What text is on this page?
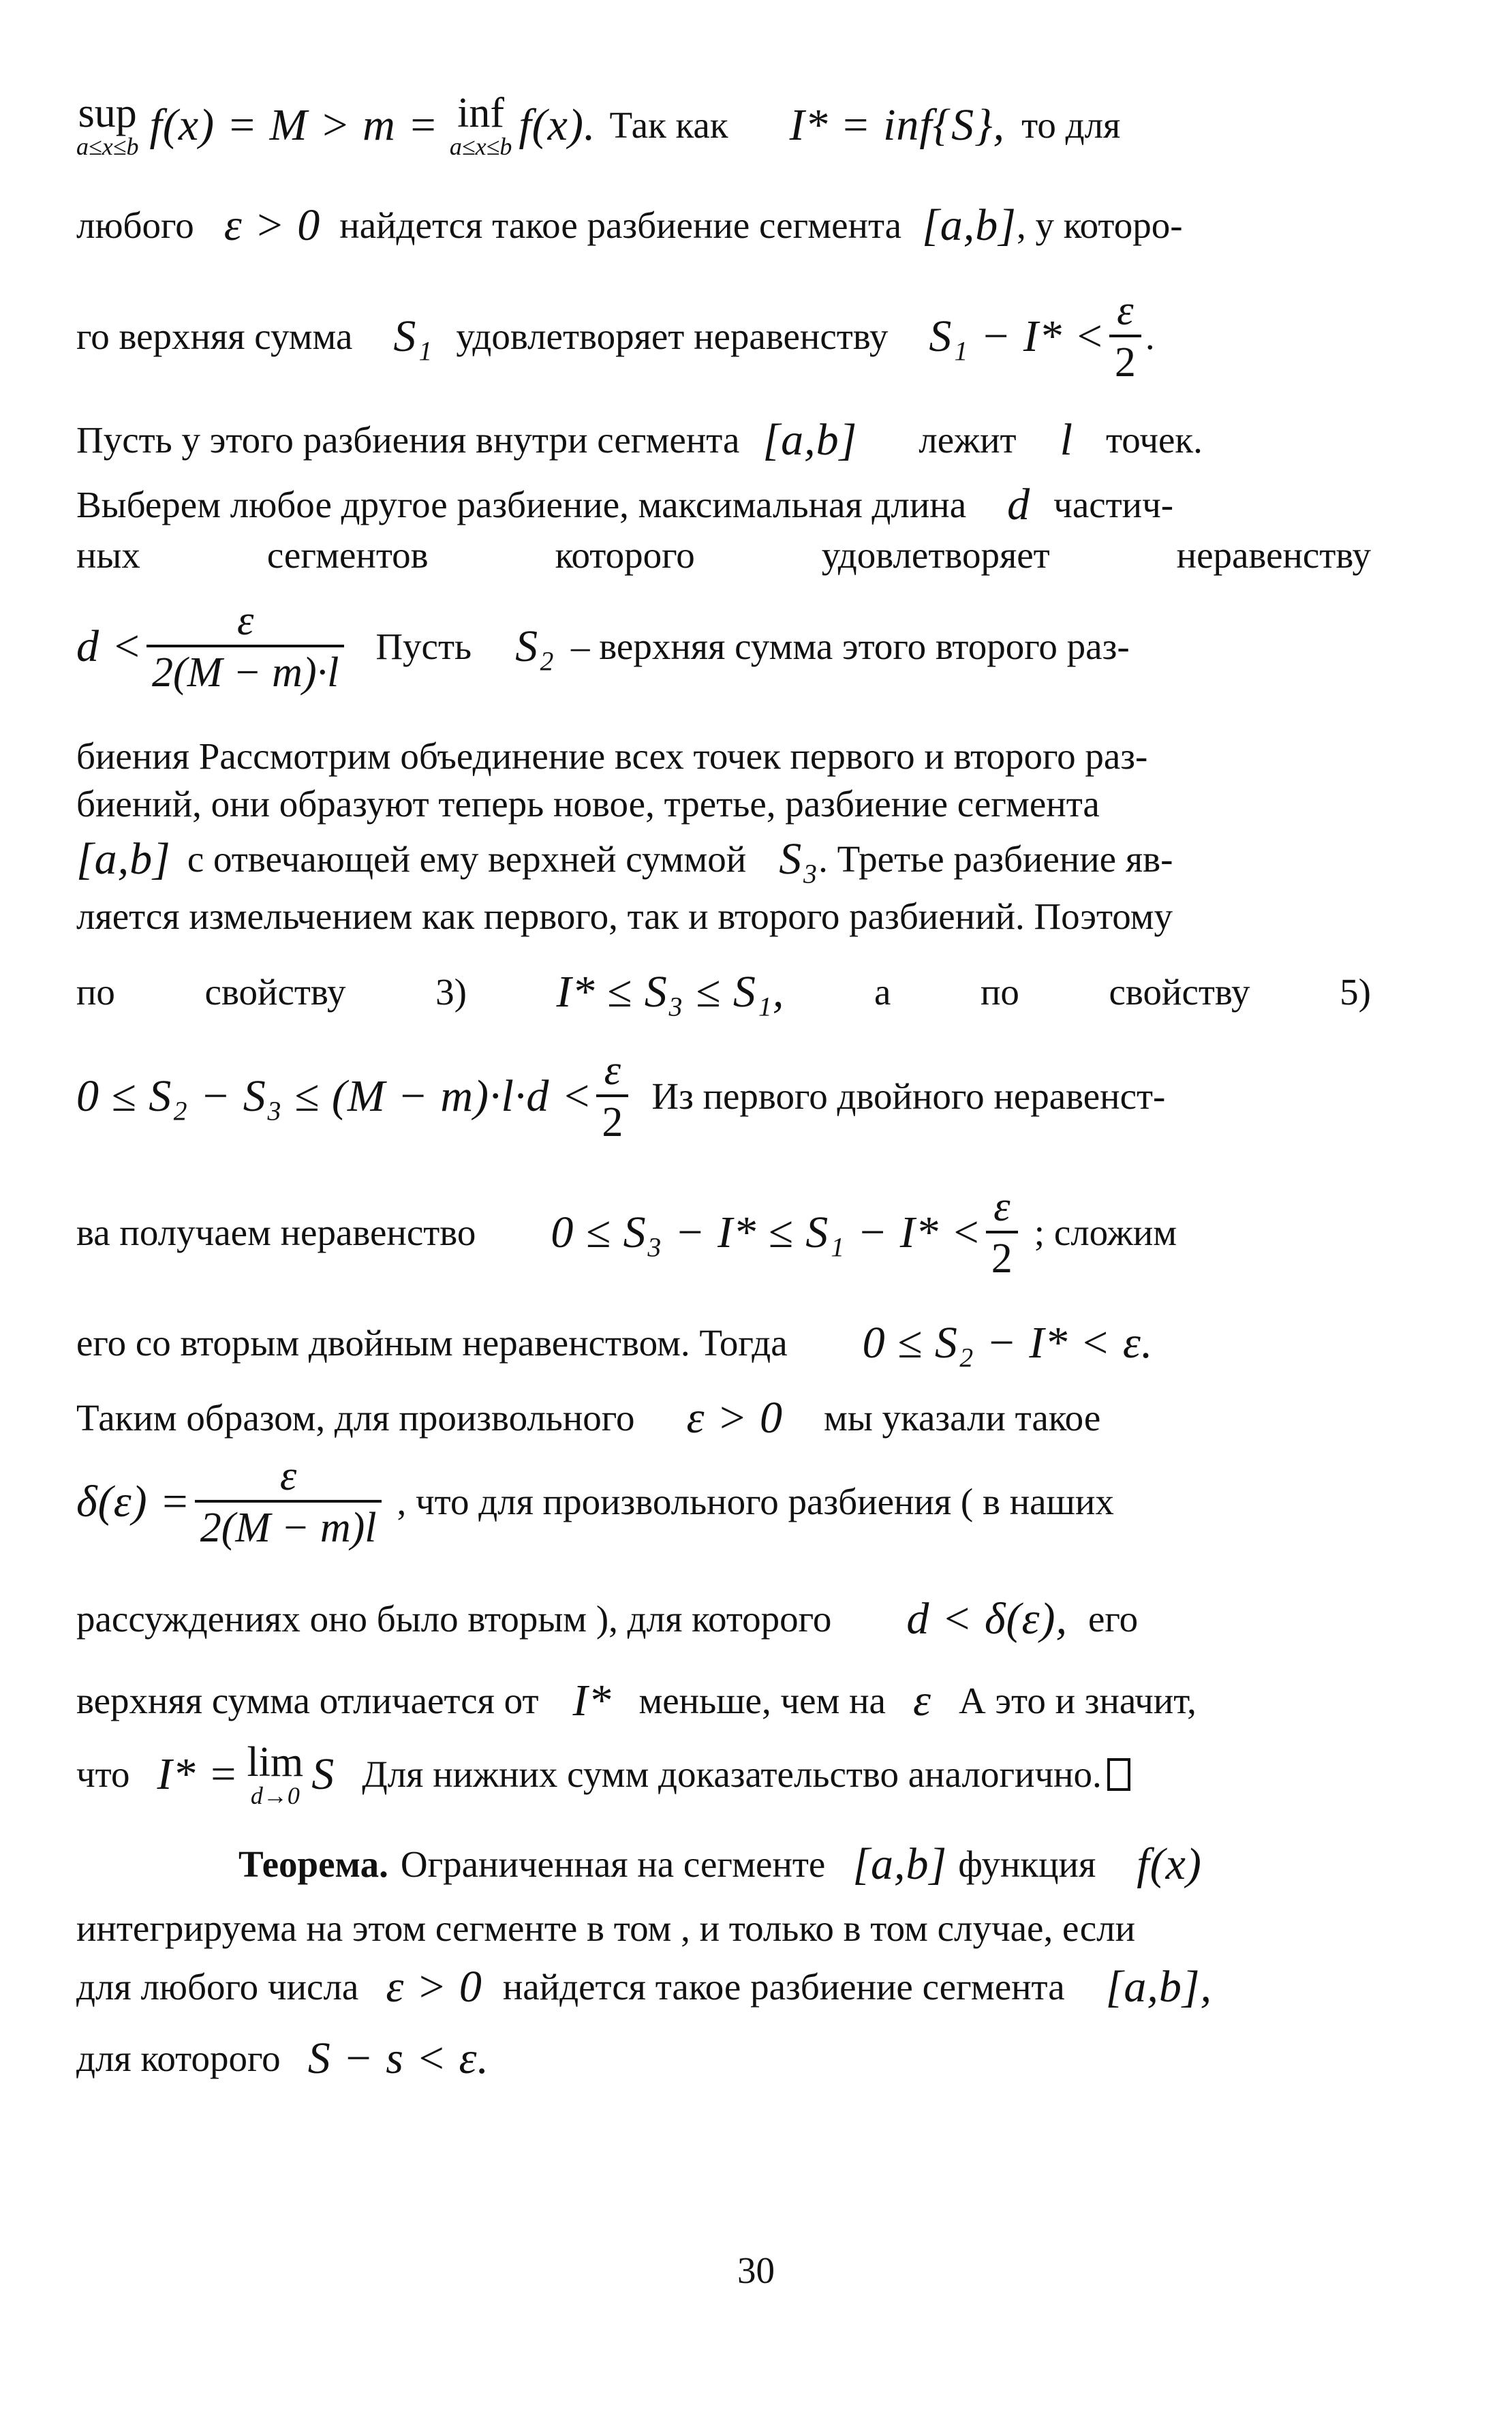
sup
a≤x≤b f(x) = M > m = inf
a≤x≤b f(x). Так как I* = inf{S}, то для
любого ε > 0 найдется такое разбиение сегмента [a,b] , у которо-
го верхняя сумма S₁ удовлетворяет неравенству $S_1 - I* < \frac{\varepsilon}{2}$ .
Пусть у этого разбиения внутри сегмента [a,b] лежит l точек.
Выберем любое другое разбиение, максимальная длина d частич-
ных	сегментов	которого	удовлетворяет	неравенству
$d < \frac{\varepsilon}{2(M - m)\cdot l}$ Пусть S₂ – верхняя сумма этого второго раз-
биения Рассмотрим объединение всех точек первого и второго раз-
биений, они образуют теперь новое, третье, разбиение сегмента
[a,b] с отвечающей ему верхней суммой S₃ . Третье разбиение яв-
ляется измельчением как первого, так и второго разбиений. Поэтому
по свойству 3) I* ≤ S₃ ≤ S₁, а по свойству 5)
$0 \le S_2 - S_3 \le (M - m)\cdot l\cdot d < \frac{\varepsilon}{2}$ Из первого двойного неравенст-
ва получаем неравенство $0 \le S_3 - I* \le S_1 - I* < \frac{\varepsilon}{2}$ ; сложим
его со вторым двойным неравенством. Тогда 0 ≤ S₂ − I* < ε.
Таким образом, для произвольного ε > 0 мы указали такое
$\delta(\varepsilon) = \frac{\varepsilon}{2(M - m)l}$ , что для произвольного разбиения ( в наших
рассуждениях оно было вторым ), для которого d < δ(ε), его
верхняя сумма отличается от I* меньше, чем на ε А это и значит,
что I* = lim
d→0 S Для нижних сумм доказательство аналогично.
Теорема. Ограниченная на сегменте [a,b] функция f(x)
интегрируема на этом сегменте в том , и только в том случае, если
для любого числа ε > 0 найдется такое разбиение сегмента [a,b],
для которого S − s < ε.
30
